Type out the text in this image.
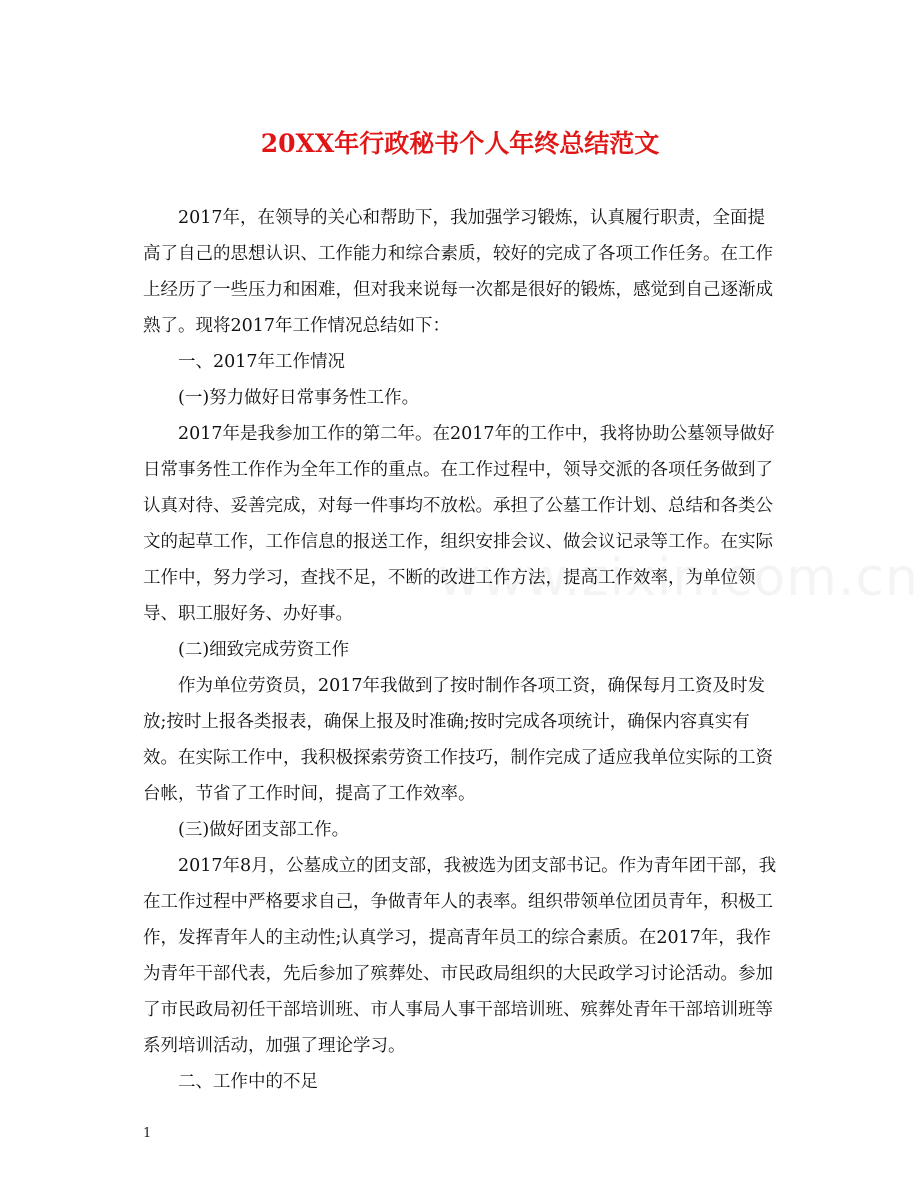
20XX年行政秘书个人年终总结范文

2017年，在领导的关心和帮助下，我加强学习锻炼，认真履行职责，全面提高了自己的思想认识、工作能力和综合素质，较好的完成了各项工作任务。在工作上经历了一些压力和困难，但对我来说每一次都是很好的锻炼，感觉到自己逐渐成熟了。现将2017年工作情况总结如下：

一、2017年工作情况

(一)努力做好日常事务性工作。

2017年是我参加工作的第二年。在2017年的工作中，我将协助公墓领导做好日常事务性工作作为全年工作的重点。在工作过程中，领导交派的各项任务做到了认真对待、妥善完成，对每一件事均不放松。承担了公墓工作计划、总结和各类公文的起草工作，工作信息的报送工作，组织安排会议、做会议记录等工作。在实际工作中，努力学习，查找不足，不断的改进工作方法，提高工作效率，为单位领导、职工服好务、办好事。

(二)细致完成劳资工作

作为单位劳资员，2017年我做到了按时制作各项工资，确保每月工资及时发放;按时上报各类报表，确保上报及时准确;按时完成各项统计，确保内容真实有效。在实际工作中，我积极探索劳资工作技巧，制作完成了适应我单位实际的工资台帐，节省了工作时间，提高了工作效率。

(三)做好团支部工作。

2017年8月，公墓成立的团支部，我被选为团支部书记。作为青年团干部，我在工作过程中严格要求自己，争做青年人的表率。组织带领单位团员青年，积极工作，发挥青年人的主动性;认真学习，提高青年员工的综合素质。在2017年，我作为青年干部代表，先后参加了殡葬处、市民政局组织的大民政学习讨论活动。参加了市民政局初任干部培训班、市人事局人事干部培训班、殡葬处青年干部培训班等系列培训活动，加强了理论学习。

二、工作中的不足

1
